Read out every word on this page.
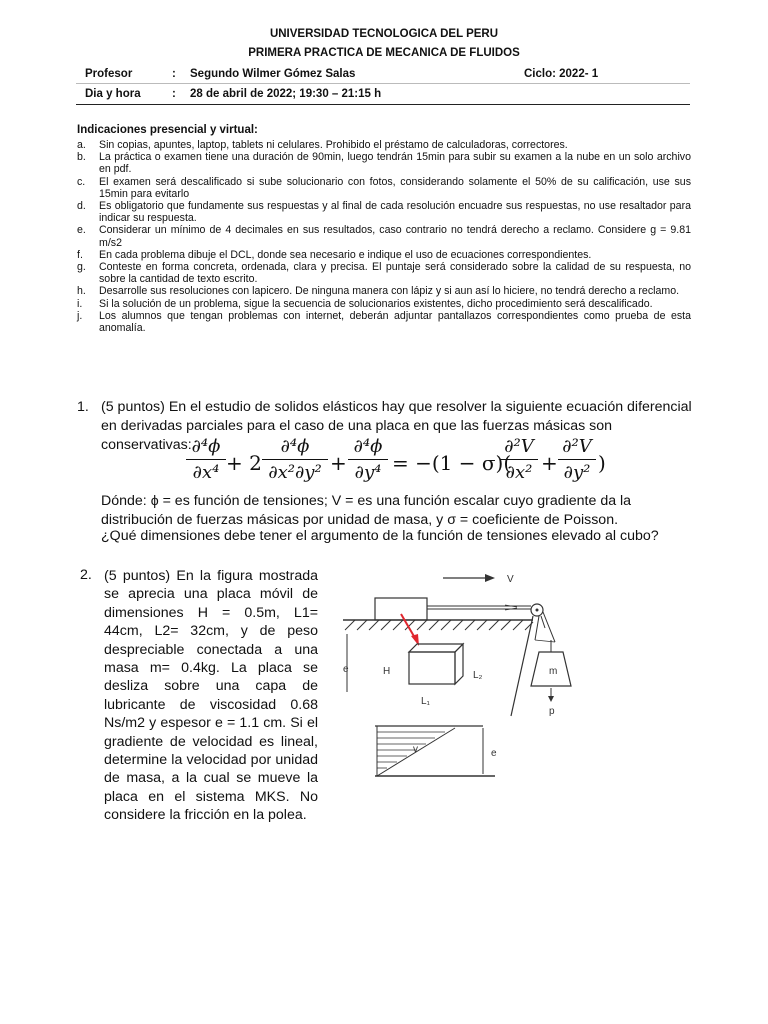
UNIVERSIDAD TECNOLOGICA DEL PERU
PRIMERA PRACTICA DE MECANICA DE FLUIDOS
Profesor	: Segundo Wilmer Gómez Salas	Ciclo: 2022- 1
Dia y hora	: 28 de abril de 2022; 19:30 – 21:15 h
Indicaciones presencial y virtual:
a.	Sin copias, apuntes, laptop, tablets ni celulares. Prohibido el préstamo de calculadoras, correctores.
b.	La práctica o examen tiene una duración de 90min, luego tendrán 15min para subir su examen a la nube en un solo archivo en pdf.
c.	El examen será descalificado si sube solucionario con fotos, considerando solamente el 50% de su calificación, use sus 15min para evitarlo
d.	Es obligatorio que fundamente sus respuestas y al final de cada resolución encuadre sus respuestas, no use resaltador para indicar su respuesta.
e.	Considerar un mínimo de 4 decimales en sus resultados, caso contrario no tendrá derecho a reclamo. Considere g = 9.81 m/s2
f.	En cada problema dibuje el DCL, donde sea necesario e indique el uso de ecuaciones correspondientes.
g.	Conteste en forma concreta, ordenada, clara y precisa. El puntaje será considerado sobre la calidad de su respuesta, no sobre la cantidad de texto escrito.
h.	Desarrolle sus resoluciones con lapicero. De ninguna manera con lápiz y si aun así lo hiciere, no tendrá derecho a reclamo.
i.	Si la solución de un problema, sigue la secuencia de solucionarios existentes, dicho procedimiento será descalificado.
j.	Los alumnos que tengan problemas con internet, deberán adjuntar pantallazos correspondientes como prueba de esta anomalía.
1. (5 puntos) En el estudio de solidos elásticos hay que resolver la siguiente ecuación diferencial en derivadas parciales para el caso de una placa en que las fuerzas másicas son conservativas: ∂⁴ϕ
∂x⁴ + 2
∂⁴ϕ
∂x²∂y² +
∂⁴ϕ
∂y⁴ = −(1 − σ)(
∂²V
∂x² +
∂²V
∂y² )
Dónde: ϕ = es función de tensiones; V = es una función escalar cuyo gradiente da la distribución de fuerzas másicas por unidad de masa, y σ = coeficiente de Poisson.
¿Qué dimensiones debe tener el argumento de la función de tensiones elevado al cubo?
2. (5 puntos) En la figura mostrada se aprecia una placa móvil de dimensiones H = 0.5m, L1= 44cm, L2= 32cm, y de peso despreciable conectada a una masa m= 0.4kg. La placa se desliza sobre una capa de lubricante de viscosidad 0.68 Ns/m2 y espesor e = 1.1 cm. Si el gradiente de velocidad es lineal, determine la velocidad por unidad de masa, a la cual se mueve la placa en el sistema MKS. No considere la fricción en la polea.
V
m
p
e	H	L₂
L₁
v	e
